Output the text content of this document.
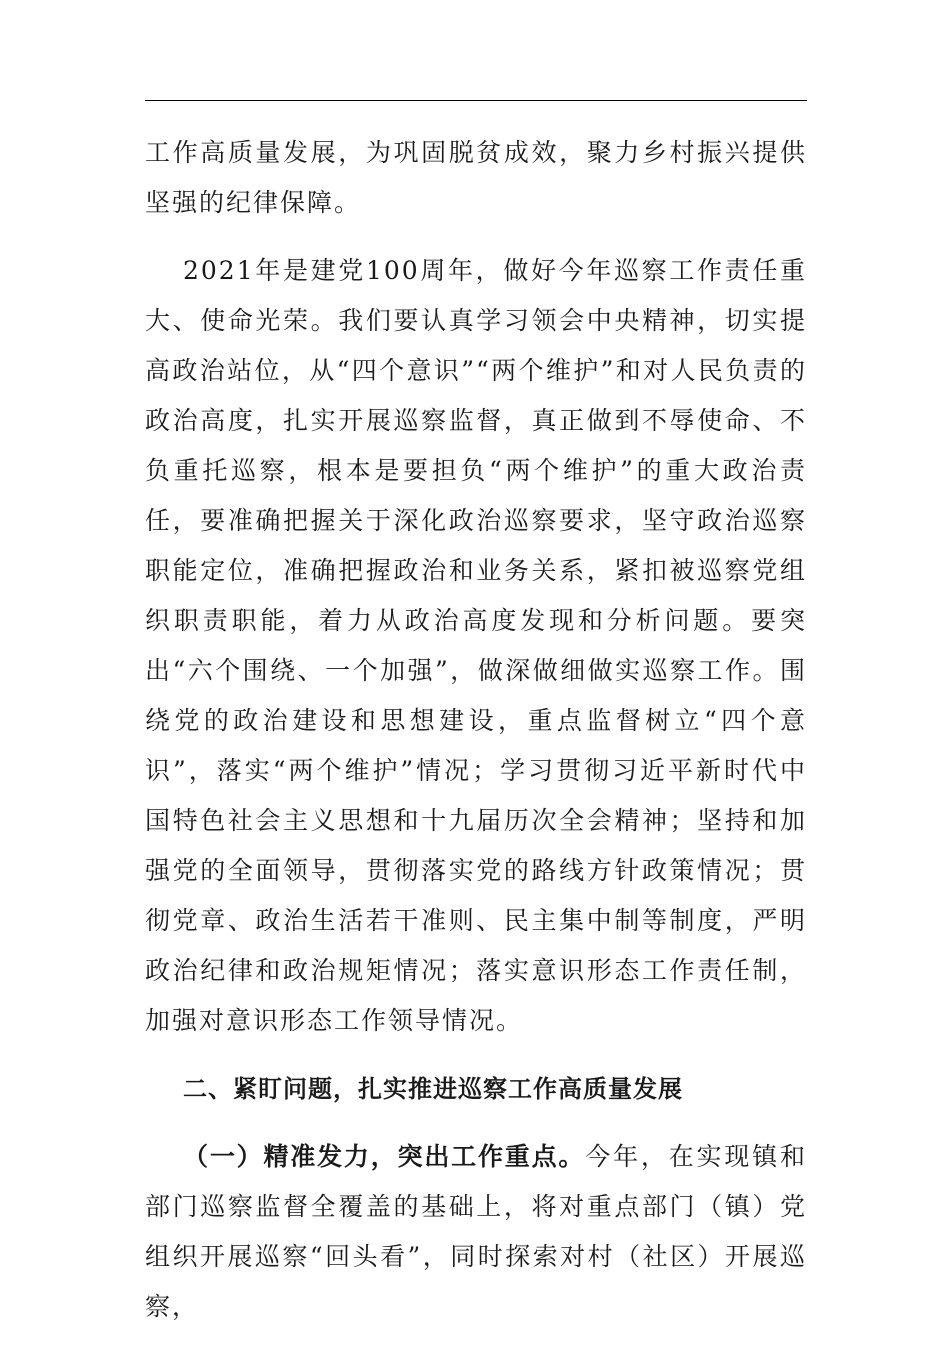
工作高质量发展，为巩固脱贫成效，聚力乡村振兴提供坚强的纪律保障。

2021年是建党100周年，做好今年巡察工作责任重大、使命光荣。我们要认真学习领会中央精神，切实提高政治站位，从“四个意识”“两个维护”和对人民负责的政治高度，扎实开展巡察监督，真正做到不辱使命、不负重托巡察，根本是要担负“两个维护”的重大政治责任，要准确把握关于深化政治巡察要求，坚守政治巡察职能定位，准确把握政治和业务关系，紧扣被巡察党组织职责职能，着力从政治高度发现和分析问题。要突出“六个围绕、一个加强”，做深做细做实巡察工作。围绕党的政治建设和思想建设，重点监督树立“四个意识”，落实“两个维护”情况；学习贯彻习近平新时代中国特色社会主义思想和十九届历次全会精神；坚持和加强党的全面领导，贯彻落实党的路线方针政策情况；贯彻党章、政治生活若干准则、民主集中制等制度，严明政治纪律和政治规矩情况；落实意识形态工作责任制，加强对意识形态工作领导情况。

二、紧盯问题，扎实推进巡察工作高质量发展

（一）精准发力，突出工作重点。今年，在实现镇和部门巡察监督全覆盖的基础上，将对重点部门（镇）党组织开展巡察“回头看”，同时探索对村（社区）开展巡察，
